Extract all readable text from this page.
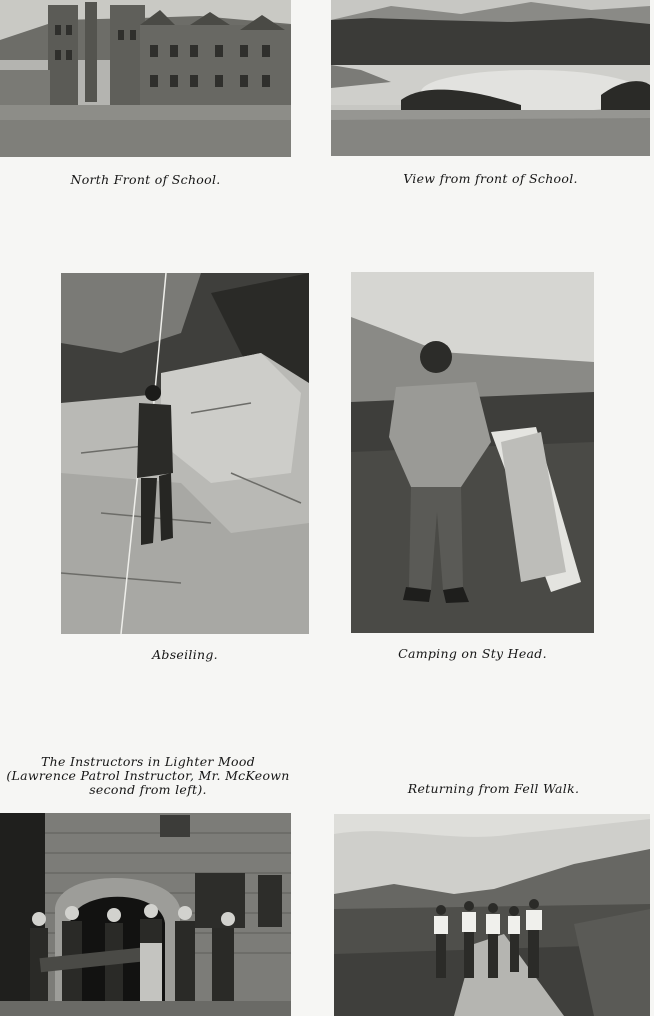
North Front of School.	View from front of School.
Abseiling.	Camping on Sty Head.
The Instructors in Lighter Mood
(Lawrence Patrol Instructor, Mr. McKeown
second from left).	Returning from Fell Walk.
